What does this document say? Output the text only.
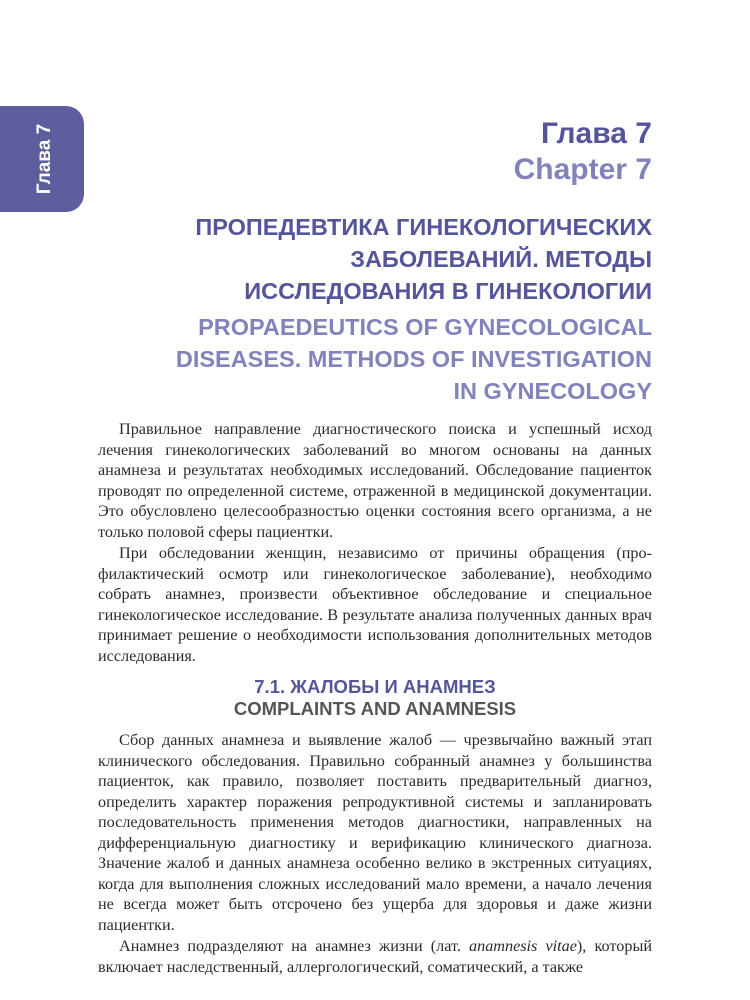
Глава 7	Глава 7
Chapter 7
ПРОПЕДЕВТИКА ГИНЕКОЛОГИЧЕСКИХ
ЗАБОЛЕВАНИЙ. МЕТОДЫ
ИССЛЕДОВАНИЯ В ГИНЕКОЛОГИИ
PROPAEDEUTICS OF GYNECOLOGICAL
DISEASES. METHODS OF INVESTIGATION
IN GYNECOLOGY

Правильное направление диагностического поиска и успешный исход лечения гинекологических заболеваний во многом основаны на данных анамнеза и результатах необходимых исследований. Обследование пациенток проводят по определенной системе, отраженной в медицинской документации. Это обусловлено целесообразностью оценки состояния всего организма, а не только половой сферы пациентки.

При обследовании женщин, независимо от причины обращения (профилактический осмотр или гинекологическое заболевание), необходимо собрать анамнез, произвести объективное обследование и специальное гинекологическое исследование. В результате анализа полученных данных врач принимает решение о необходимости использования дополнительных методов исследования.

7.1. ЖАЛОБЫ И АНАМНЕЗ
COMPLAINTS AND ANAMNESIS

Сбор данных анамнеза и выявление жалоб — чрезвычайно важный этап клинического обследования. Правильно собранный анамнез у большинства пациенток, как правило, позволяет поставить предварительный диагноз, определить характер поражения репродуктивной системы и запланировать последовательность применения методов диагностики, направленных на дифференциальную диагностику и верификацию клинического диагноза. Значение жалоб и данных анамнеза особенно велико в экстренных ситуациях, когда для выполнения сложных исследований мало времени, а начало лечения не всегда может быть отсрочено без ущерба для здоровья и даже жизни пациентки.

Анамнез подразделяют на анамнез жизни (лат. anamnesis vitae), который включает наследственный, аллергологический, соматический, а также
